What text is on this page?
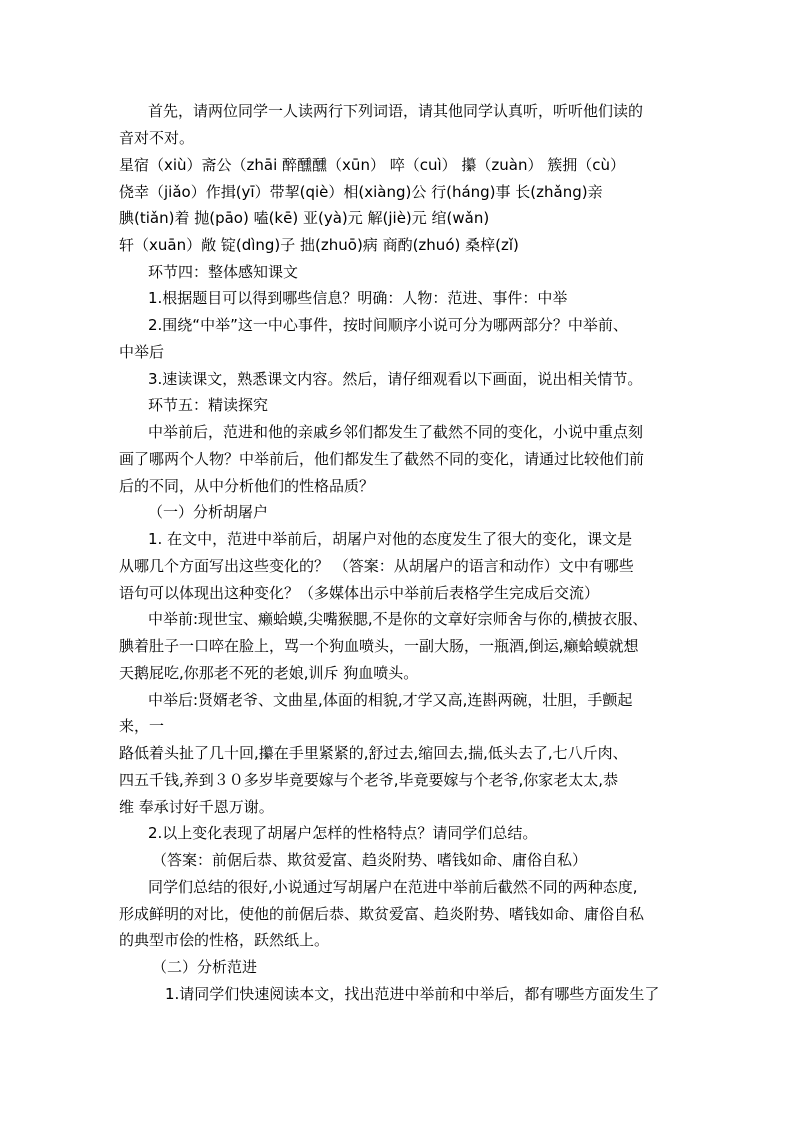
首先，请两位同学一人读两行下列词语，请其他同学认真听，听听他们读的
音对不对。
星宿（xiù）斋公（zhāi 醉醺醺（xūn） 啐（cuì） 攥（zuàn） 簇拥（cù）
侥幸（jiǎo）作揖(yī）带挈(qiè）相(xiàng)公 行(háng)事 长(zhǎng)亲
腆(tiǎn)着 抛(pāo) 嗑(kē) 亚(yà)元 解(jiè)元 绾(wǎn)
轩（xuān）敞 锭(dìng)子 拙(zhuō)病 商酌(zhuó) 桑梓(zǐ)
环节四：整体感知课文
1.根据题目可以得到哪些信息？明确：人物：范进、事件：中举
2.围绕“中举”这一中心事件，按时间顺序小说可分为哪两部分？中举前、
中举后
3.速读课文，熟悉课文内容。然后，请仔细观看以下画面，说出相关情节。
环节五：精读探究
中举前后，范进和他的亲戚乡邻们都发生了截然不同的变化，小说中重点刻
画了哪两个人物？中举前后，他们都发生了截然不同的变化，请通过比较他们前
后的不同，从中分析他们的性格品质？
（一）分析胡屠户
1. 在文中，范进中举前后，胡屠户对他的态度发生了很大的变化，课文是
从哪几个方面写出这些变化的？ （答案：从胡屠户的语言和动作）文中有哪些
语句可以体现出这种变化？（多媒体出示中举前后表格学生完成后交流）
中举前:现世宝、癞蛤蟆,尖嘴猴腮,不是你的文章好宗师舍与你的,横披衣服、
腆着肚子一口啐在脸上，骂一个狗血喷头，一副大肠，一瓶酒,倒运,癞蛤蟆就想
天鹅屁吃,你那老不死的老娘,训斥 狗血喷头。
中举后:贤婿老爷、文曲星,体面的相貌,才学又高,连斟两碗，壮胆，手颤起
来，一
路低着头扯了几十回,攥在手里紧紧的,舒过去,缩回去,揣,低头去了,七八斤肉、
四五千钱,养到３０多岁毕竟要嫁与个老爷,毕竟要嫁与个老爷,你家老太太,恭
维 奉承讨好千恩万谢。
2.以上变化表现了胡屠户怎样的性格特点？请同学们总结。
（答案：前倨后恭、欺贫爱富、趋炎附势、嗜钱如命、庸俗自私）
同学们总结的很好,小说通过写胡屠户在范进中举前后截然不同的两种态度,
形成鲜明的对比，使他的前倨后恭、欺贫爱富、趋炎附势、嗜钱如命、庸俗自私
的典型市侩的性格，跃然纸上。
（二）分析范进
1.请同学们快速阅读本文，找出范进中举前和中举后，都有哪些方面发生了
